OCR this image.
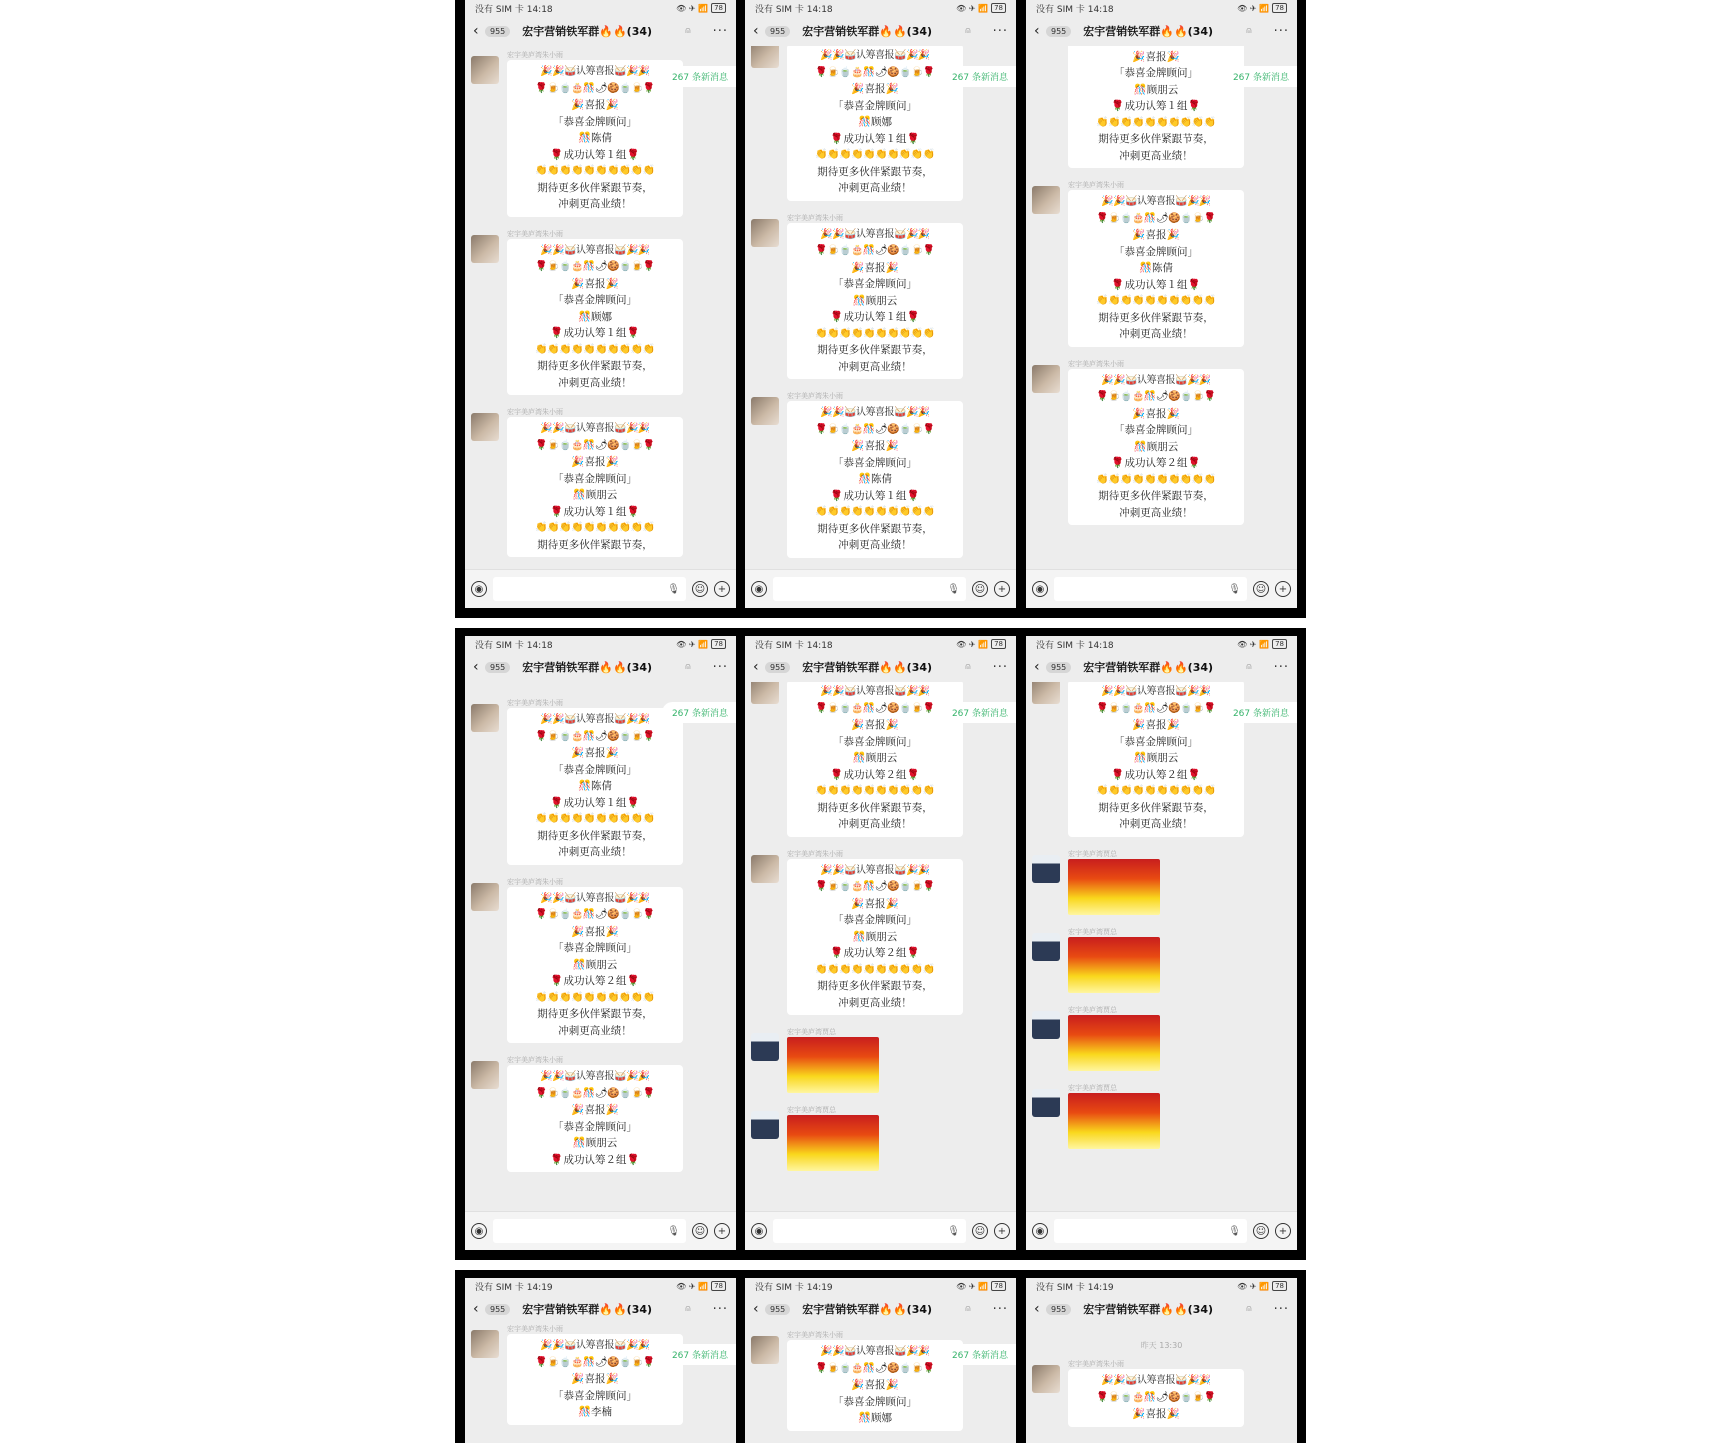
没有 SIM 卡 14:18	👁 ✈ 📶 78
‹	955	宏宇营销铁军群🔥🔥(34)	⍝ ···
267 条新消息
宏宇美庐湾朱小雨
🎉🎉🥁认筹喜报🥁🎉🎉
🌹🍺🍵🎂🎊🌶🍪🍵🍺🌹
🎉喜报🎉
「恭喜金牌顾问」
🎊陈倩
🌹成功认筹１组🌹
👏👏👏👏👏👏👏👏👏👏
期待更多伙伴紧跟节奏，
冲刺更高业绩！
宏宇美庐湾朱小雨
🎉🎉🥁认筹喜报🥁🎉🎉
🌹🍺🍵🎂🎊🌶🍪🍵🍺🌹
🎉喜报🎉
「恭喜金牌顾问」
🎊顾娜
🌹成功认筹１组🌹
👏👏👏👏👏👏👏👏👏👏
期待更多伙伴紧跟节奏，
冲刺更高业绩！
宏宇美庐湾朱小雨
🎉🎉🥁认筹喜报🥁🎉🎉
🌹🍺🍵🎂🎊🌶🍪🍵🍺🌹
🎉喜报🎉
「恭喜金牌顾问」
🎊顾朋云
🌹成功认筹１组🌹
👏👏👏👏👏👏👏👏👏👏
期待更多伙伴紧跟节奏，
◉	🎙 ☺	+
没有 SIM 卡 14:18	👁 ✈ 📶 78
‹	955	宏宇营销铁军群🔥🔥(34)	⍝ ···
267 条新消息
🎉🎉🥁认筹喜报🥁🎉🎉
🌹🍺🍵🎂🎊🌶🍪🍵🍺🌹
🎉喜报🎉
「恭喜金牌顾问」
🎊顾娜
🌹成功认筹１组🌹
👏👏👏👏👏👏👏👏👏👏
期待更多伙伴紧跟节奏，
冲刺更高业绩！
宏宇美庐湾朱小雨
🎉🎉🥁认筹喜报🥁🎉🎉
🌹🍺🍵🎂🎊🌶🍪🍵🍺🌹
🎉喜报🎉
「恭喜金牌顾问」
🎊顾朋云
🌹成功认筹１组🌹
👏👏👏👏👏👏👏👏👏👏
期待更多伙伴紧跟节奏，
冲刺更高业绩！
宏宇美庐湾朱小雨
🎉🎉🥁认筹喜报🥁🎉🎉
🌹🍺🍵🎂🎊🌶🍪🍵🍺🌹
🎉喜报🎉
「恭喜金牌顾问」
🎊陈倩
🌹成功认筹１组🌹
👏👏👏👏👏👏👏👏👏👏
期待更多伙伴紧跟节奏，
冲刺更高业绩！
◉	🎙 ☺	+
没有 SIM 卡 14:18	👁 ✈ 📶 78
‹	955	宏宇营销铁军群🔥🔥(34)	⍝ ···
267 条新消息
🎉喜报🎉
「恭喜金牌顾问」
🎊顾朋云
🌹成功认筹１组🌹
👏👏👏👏👏👏👏👏👏👏
期待更多伙伴紧跟节奏，
冲刺更高业绩！
宏宇美庐湾朱小雨
🎉🎉🥁认筹喜报🥁🎉🎉
🌹🍺🍵🎂🎊🌶🍪🍵🍺🌹
🎉喜报🎉
「恭喜金牌顾问」
🎊陈倩
🌹成功认筹１组🌹
👏👏👏👏👏👏👏👏👏👏
期待更多伙伴紧跟节奏，
冲刺更高业绩！
宏宇美庐湾朱小雨
🎉🎉🥁认筹喜报🥁🎉🎉
🌹🍺🍵🎂🎊🌶🍪🍵🍺🌹
🎉喜报🎉
「恭喜金牌顾问」
🎊顾朋云
🌹成功认筹２组🌹
👏👏👏👏👏👏👏👏👏👏
期待更多伙伴紧跟节奏，
冲刺更高业绩！
◉	🎙 ☺	+
没有 SIM 卡 14:18	👁 ✈ 📶 78
‹	955	宏宇营销铁军群🔥🔥(34)	⍝ ···
267 条新消息
宏宇美庐湾朱小雨
🎉🎉🥁认筹喜报🥁🎉🎉
🌹🍺🍵🎂🎊🌶🍪🍵🍺🌹
🎉喜报🎉
「恭喜金牌顾问」
🎊陈倩
🌹成功认筹１组🌹
👏👏👏👏👏👏👏👏👏👏
期待更多伙伴紧跟节奏，
冲刺更高业绩！
宏宇美庐湾朱小雨
🎉🎉🥁认筹喜报🥁🎉🎉
🌹🍺🍵🎂🎊🌶🍪🍵🍺🌹
🎉喜报🎉
「恭喜金牌顾问」
🎊顾朋云
🌹成功认筹２组🌹
👏👏👏👏👏👏👏👏👏👏
期待更多伙伴紧跟节奏，
冲刺更高业绩！
宏宇美庐湾朱小雨
🎉🎉🥁认筹喜报🥁🎉🎉
🌹🍺🍵🎂🎊🌶🍪🍵🍺🌹
🎉喜报🎉
「恭喜金牌顾问」
🎊顾朋云
🌹成功认筹２组🌹
◉	🎙 ☺	+
没有 SIM 卡 14:18	👁 ✈ 📶 78
‹	955	宏宇营销铁军群🔥🔥(34)	⍝ ···
267 条新消息
🎉🎉🥁认筹喜报🥁🎉🎉
🌹🍺🍵🎂🎊🌶🍪🍵🍺🌹
🎉喜报🎉
「恭喜金牌顾问」
🎊顾朋云
🌹成功认筹２组🌹
👏👏👏👏👏👏👏👏👏👏
期待更多伙伴紧跟节奏，
冲刺更高业绩！
宏宇美庐湾朱小雨
🎉🎉🥁认筹喜报🥁🎉🎉
🌹🍺🍵🎂🎊🌶🍪🍵🍺🌹
🎉喜报🎉
「恭喜金牌顾问」
🎊顾朋云
🌹成功认筹２组🌹
👏👏👏👏👏👏👏👏👏👏
期待更多伙伴紧跟节奏，
冲刺更高业绩！
宏宇美庐湾贾总
宏宇美庐湾贾总
◉	🎙 ☺	+
没有 SIM 卡 14:18	👁 ✈ 📶 78
‹	955	宏宇营销铁军群🔥🔥(34)	⍝ ···
267 条新消息
🎉🎉🥁认筹喜报🥁🎉🎉
🌹🍺🍵🎂🎊🌶🍪🍵🍺🌹
🎉喜报🎉
「恭喜金牌顾问」
🎊顾朋云
🌹成功认筹２组🌹
👏👏👏👏👏👏👏👏👏👏
期待更多伙伴紧跟节奏，
冲刺更高业绩！
宏宇美庐湾贾总
宏宇美庐湾贾总
宏宇美庐湾贾总
宏宇美庐湾贾总
◉	🎙 ☺	+
没有 SIM 卡 14:19	👁 ✈ 📶 78
‹	955	宏宇营销铁军群🔥🔥(34)	⍝ ···
267 条新消息
宏宇美庐湾朱小雨
🎉🎉🥁认筹喜报🥁🎉🎉
🌹🍺🍵🎂🎊🌶🍪🍵🍺🌹
🎉喜报🎉
「恭喜金牌顾问」
🎊李楠
没有 SIM 卡 14:19	👁 ✈ 📶 78
‹	955	宏宇营销铁军群🔥🔥(34)	⍝ ···
267 条新消息
宏宇美庐湾朱小雨
🎉🎉🥁认筹喜报🥁🎉🎉
🌹🍺🍵🎂🎊🌶🍪🍵🍺🌹
🎉喜报🎉
「恭喜金牌顾问」
🎊顾娜
没有 SIM 卡 14:19	👁 ✈ 📶 78
‹	955	宏宇营销铁军群🔥🔥(34)	⍝ ···
昨天 13:30
宏宇美庐湾朱小雨
🎉🎉🥁认筹喜报🥁🎉🎉
🌹🍺🍵🎂🎊🌶🍪🍵🍺🌹
🎉喜报🎉
